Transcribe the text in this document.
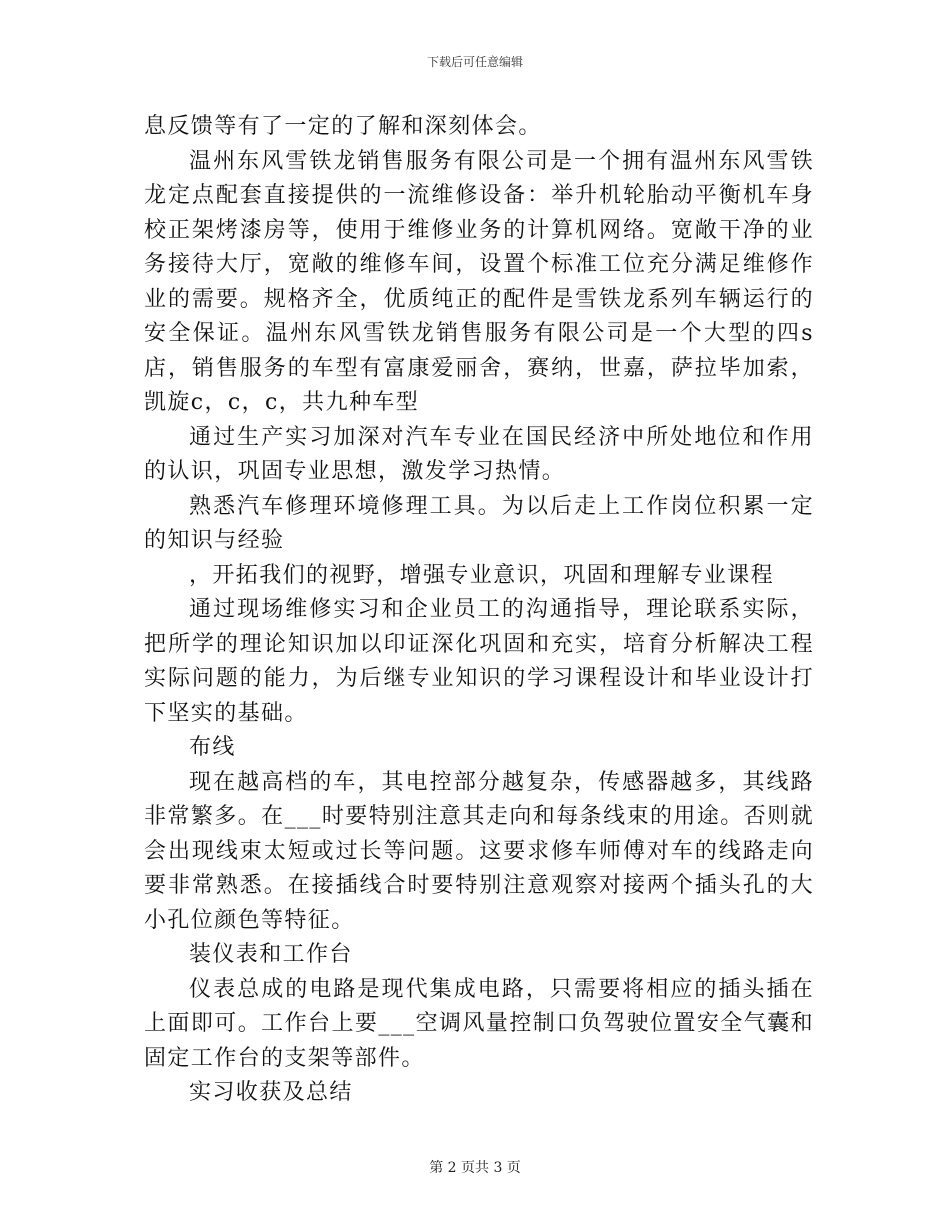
下载后可任意编辑

息反馈等有了一定的了解和深刻体会。

温州东风雪铁龙销售服务有限公司是一个拥有温州东风雪铁龙定点配套直接提供的一流维修设备：举升机轮胎动平衡机车身校正架烤漆房等，使用于维修业务的计算机网络。宽敞干净的业务接待大厅，宽敞的维修车间，设置个标准工位充分满足维修作业的需要。规格齐全，优质纯正的配件是雪铁龙系列车辆运行的安全保证。温州东风雪铁龙销售服务有限公司是一个大型的四s店，销售服务的车型有富康爱丽舍，赛纳，世嘉，萨拉毕加索，凯旋c，c，c，共九种车型

通过生产实习加深对汽车专业在国民经济中所处地位和作用的认识，巩固专业思想，激发学习热情。

熟悉汽车修理环境修理工具。为以后走上工作岗位积累一定的知识与经验

，开拓我们的视野，增强专业意识，巩固和理解专业课程

通过现场维修实习和企业员工的沟通指导，理论联系实际，把所学的理论知识加以印证深化巩固和充实，培育分析解决工程实际问题的能力，为后继专业知识的学习课程设计和毕业设计打下坚实的基础。

布线

现在越高档的车，其电控部分越复杂，传感器越多，其线路非常繁多。在___时要特别注意其走向和每条线束的用途。否则就会出现线束太短或过长等问题。这要求修车师傅对车的线路走向要非常熟悉。在接插线合时要特别注意观察对接两个插头孔的大小孔位颜色等特征。

装仪表和工作台

仪表总成的电路是现代集成电路，只需要将相应的插头插在上面即可。工作台上要___空调风量控制口负驾驶位置安全气囊和固定工作台的支架等部件。

实习收获及总结

第 2 页共 3 页
